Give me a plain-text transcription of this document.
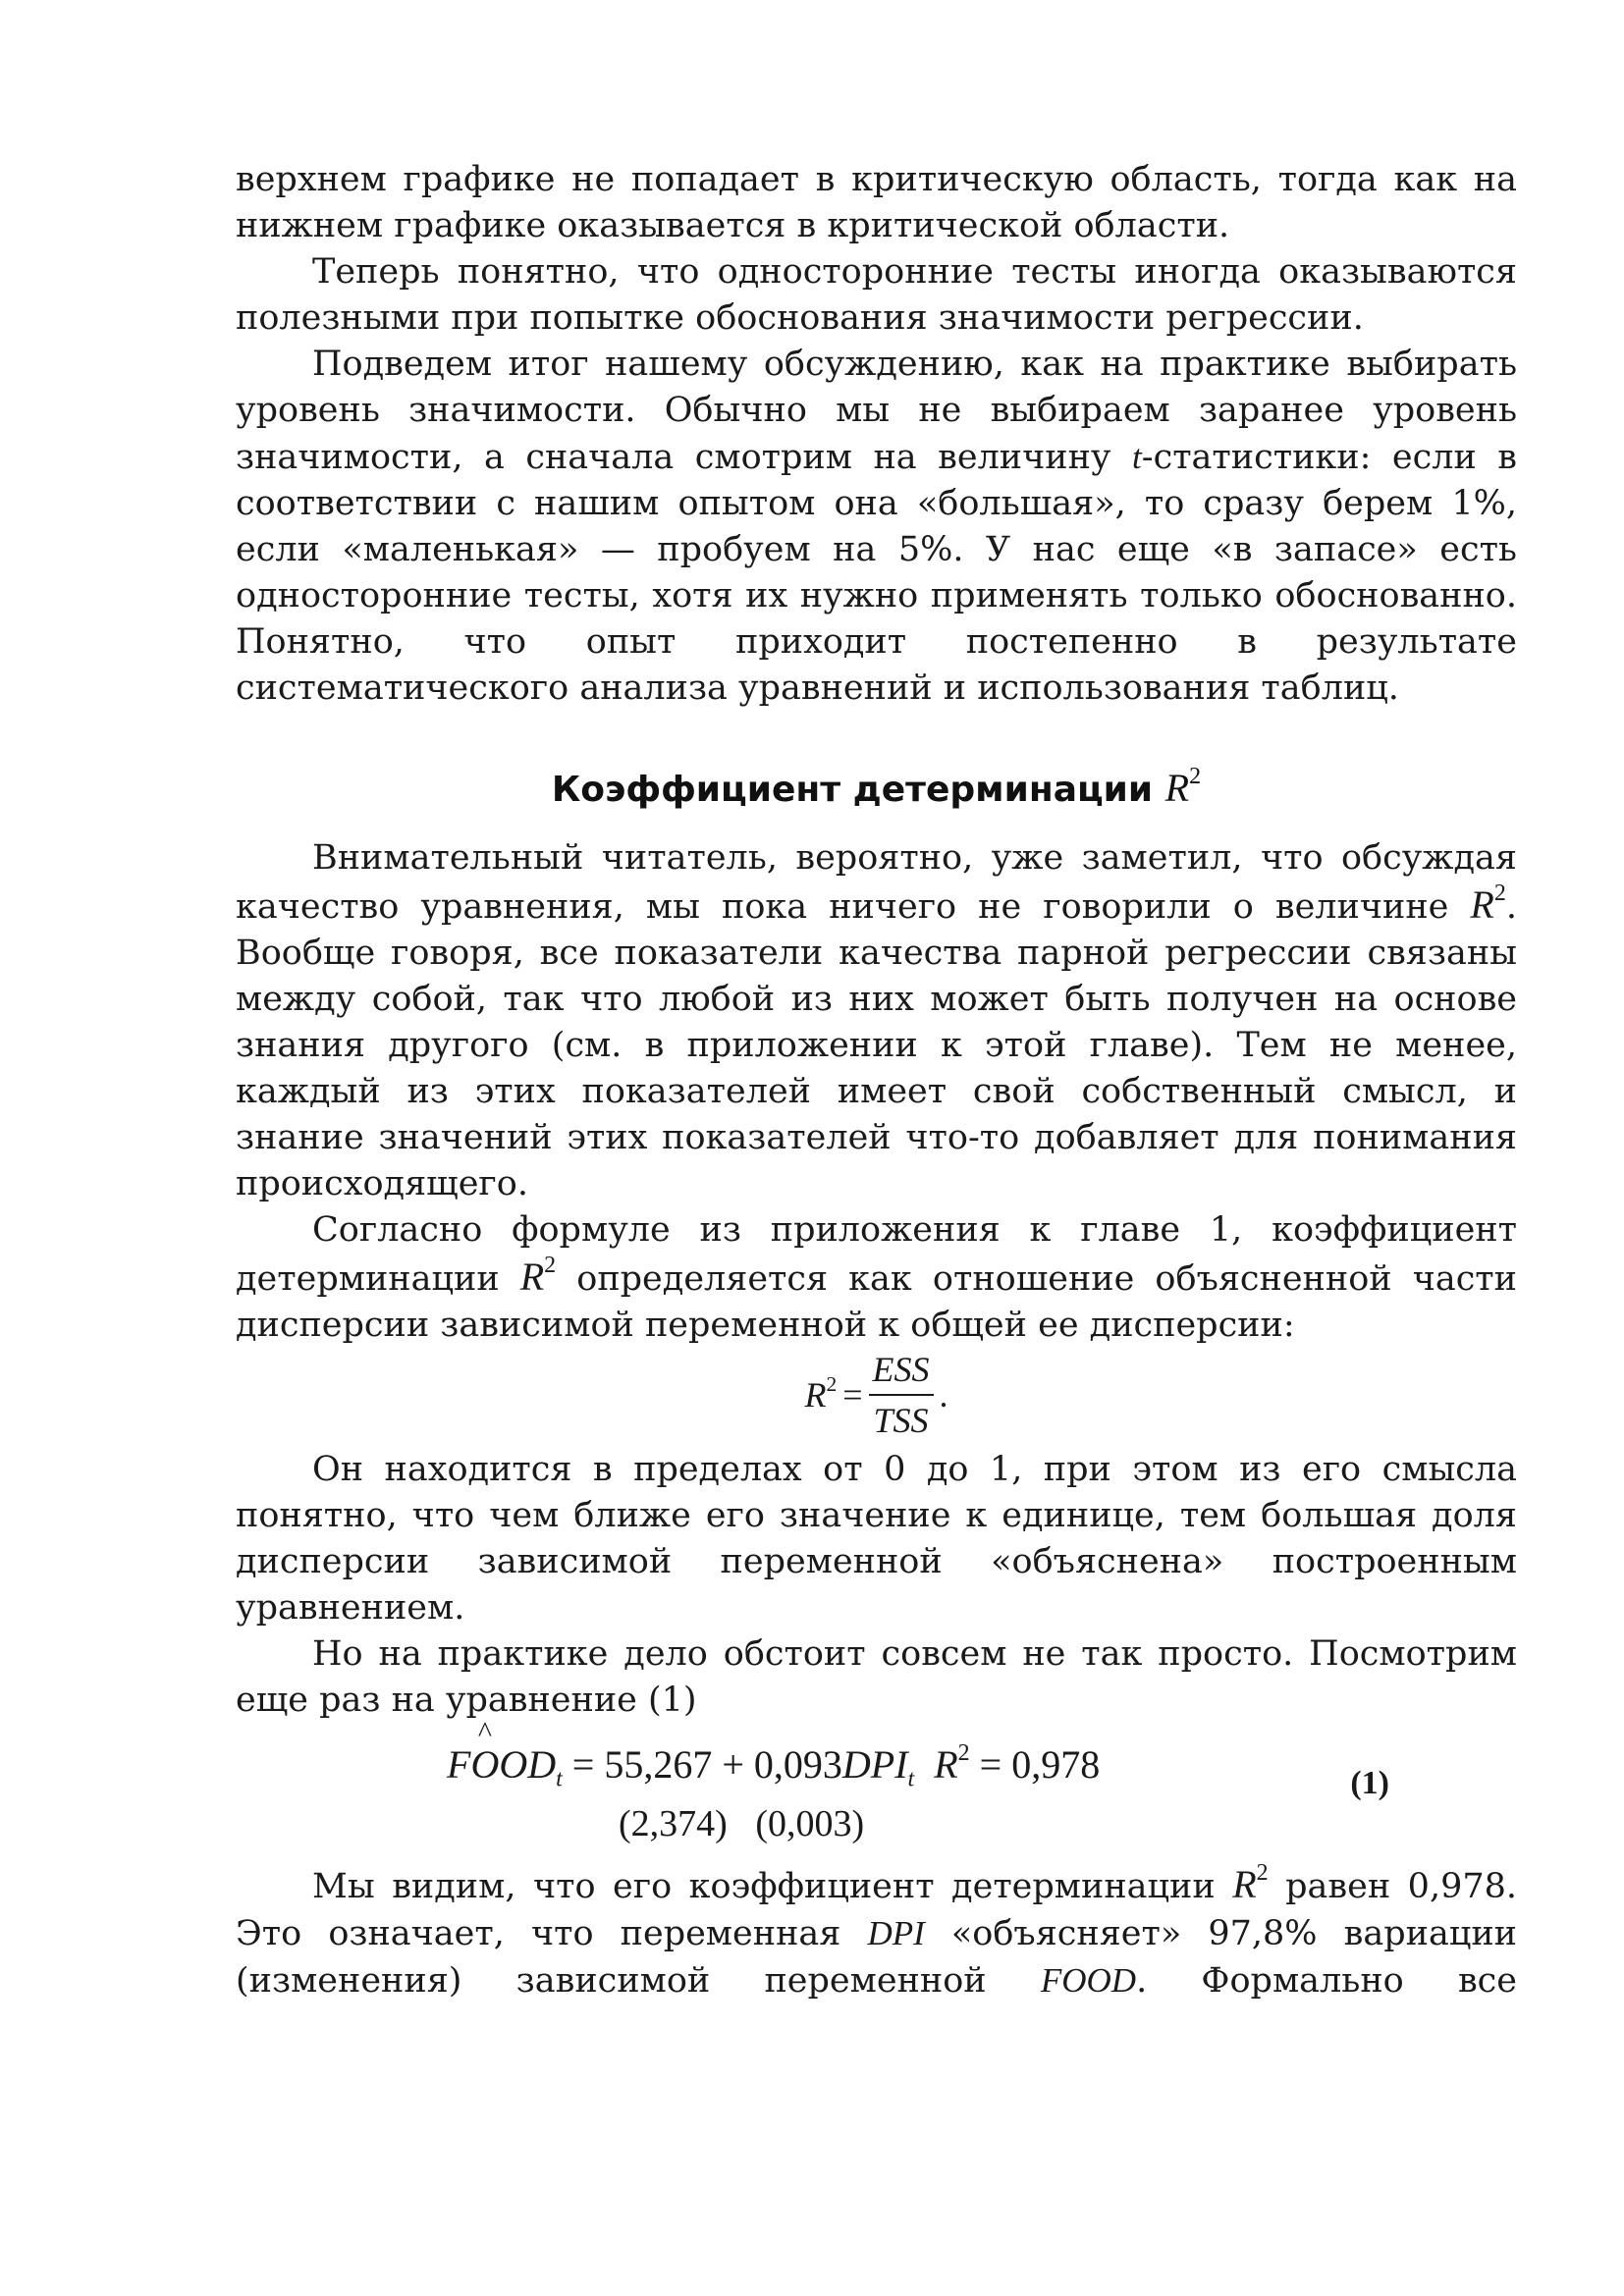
верхнем графике не попадает в критическую область, тогда как на нижнем графике оказывается в критической области.

Теперь понятно, что односторонние тесты иногда оказываются полезными при попытке обоснования значимости регрессии.

Подведем итог нашему обсуждению, как на практике выбирать уровень значимости. Обычно мы не выбираем заранее уровень значимости, а сначала смотрим на величину t-статистики: если в соответствии с нашим опытом она «большая», то сразу берем 1%, если «маленькая» — пробуем на 5%. У нас еще «в запасе» есть односторонние тесты, хотя их нужно применять только обоснованно. Понятно, что опыт приходит постепенно в результате систематического анализа уравнений и использования таблиц.

Коэффициент детерминации $R^2$

Внимательный читатель, вероятно, уже заметил, что обсуждая качество уравнения, мы пока ничего не говорили о величине $R^2$. Вообще говоря, все показатели качества парной регрессии связаны между собой, так что любой из них может быть получен на основе знания другого (см. в приложении к этой главе). Тем не менее, каждый из этих показателей имеет свой собственный смысл, и знание значений этих показателей что-то добавляет для понимания происходящего.

Согласно формуле из приложения к главе 1, коэффициент детерминации $R^2$ определяется как отношение объясненной части дисперсии зависимой переменной к общей ее дисперсии:

$R^2 = \frac{\text{ESS}}{\text{TSS}}$ .

Он находится в пределах от 0 до 1, при этом из его смысла понятно, что чем ближе его значение к единице, тем большая доля дисперсии зависимой переменной «объяснена» построенным уравнением.

Но на практике дело обстоит совсем не так просто. Посмотрим еще раз на уравнение (1)

F^ $OOD_t = 55,267 + 0,093DPI_t$ $R^2 = 0,978$
(2,374) (0,003)
(1)

Мы видим, что его коэффициент детерминации $R^2$ равен 0,978. Это означает, что переменная DPI «объясняет» 97,8% вариации (изменения) зависимой переменной FOOD. Формально все
